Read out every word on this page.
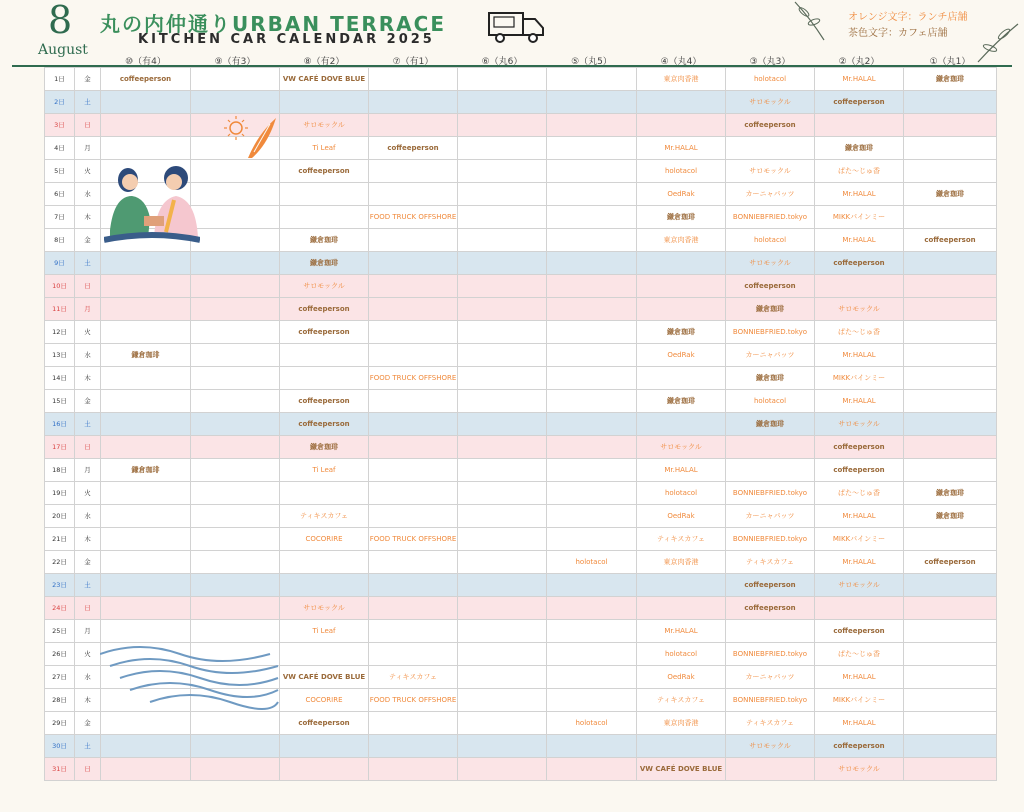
8
August
丸の内仲通りURBAN TERRACE
KITCHEN CAR CALENDAR 2025
オレンジ文字：ランチ店舗
茶色文字：カフェ店舗
		⑩（有4）	⑨（有3）	⑧（有2）	⑦（有1）	⑥（丸6）	⑤（丸5）	④（丸4）	③（丸3）	②（丸2）	①（丸1）
1日	金	coffeeperson		VW CAFÉ DOVE BLUE				東京肉香港	holotacol	Mr.HALAL	鎌倉珈琲
2日	土								サロモックル	coffeeperson	
3日	日			サロモックル					coffeeperson		
4日	月			Ti Leaf	coffeeperson			Mr.HALAL		鎌倉珈琲	
5日	火			coffeeperson				holotacol	サロモックル	ぱた～じゅ香	
6日	水							OedRak	カーニャパッツ	Mr.HALAL	鎌倉珈琲
7日	木				FOOD TRUCK OFFSHORE			鎌倉珈琲	BONNIEBFRIED.tokyo	MIKKパインミー	
8日	金			鎌倉珈琲				東京肉香港	holotacol	Mr.HALAL	coffeeperson
9日	土			鎌倉珈琲					サロモックル	coffeeperson	
10日	日			サロモックル					coffeeperson		
11日	月			coffeeperson					鎌倉珈琲	サロモックル	
12日	火			coffeeperson				鎌倉珈琲	BONNIEBFRIED.tokyo	ぱた～じゅ香	
13日	水	鎌倉珈琲						OedRak	カーニャパッツ	Mr.HALAL	
14日	木				FOOD TRUCK OFFSHORE				鎌倉珈琲	MIKKパインミー	
15日	金			coffeeperson				鎌倉珈琲	holotacol	Mr.HALAL	
16日	土			coffeeperson					鎌倉珈琲	サロモックル	
17日	日			鎌倉珈琲				サロモックル		coffeeperson	
18日	月	鎌倉珈琲		Ti Leaf				Mr.HALAL		coffeeperson	
19日	火							holotacol	BONNIEBFRIED.tokyo	ぱた～じゅ香	鎌倉珈琲
20日	水			ティキスカフェ				OedRak	カーニャパッツ	Mr.HALAL	鎌倉珈琲
21日	木			COCORIRE	FOOD TRUCK OFFSHORE			ティキスカフェ	BONNIEBFRIED.tokyo	MIKKパインミー	
22日	金						holotacol	東京肉香港	ティキスカフェ	Mr.HALAL	coffeeperson
23日	土								coffeeperson	サロモックル	
24日	日			サロモックル					coffeeperson		
25日	月			Ti Leaf				Mr.HALAL		coffeeperson	
26日	火							holotacol	BONNIEBFRIED.tokyo	ぱた～じゅ香	
27日	水			VW CAFÉ DOVE BLUE	ティキスカフェ			OedRak	カーニャパッツ	Mr.HALAL	
28日	木			COCORIRE	FOOD TRUCK OFFSHORE			ティキスカフェ	BONNIEBFRIED.tokyo	MIKKパインミー	
29日	金			coffeeperson			holotacol	東京肉香港	ティキスカフェ	Mr.HALAL	
30日	土								サロモックル	coffeeperson	
31日	日							VW CAFÉ DOVE BLUE		サロモックル	
